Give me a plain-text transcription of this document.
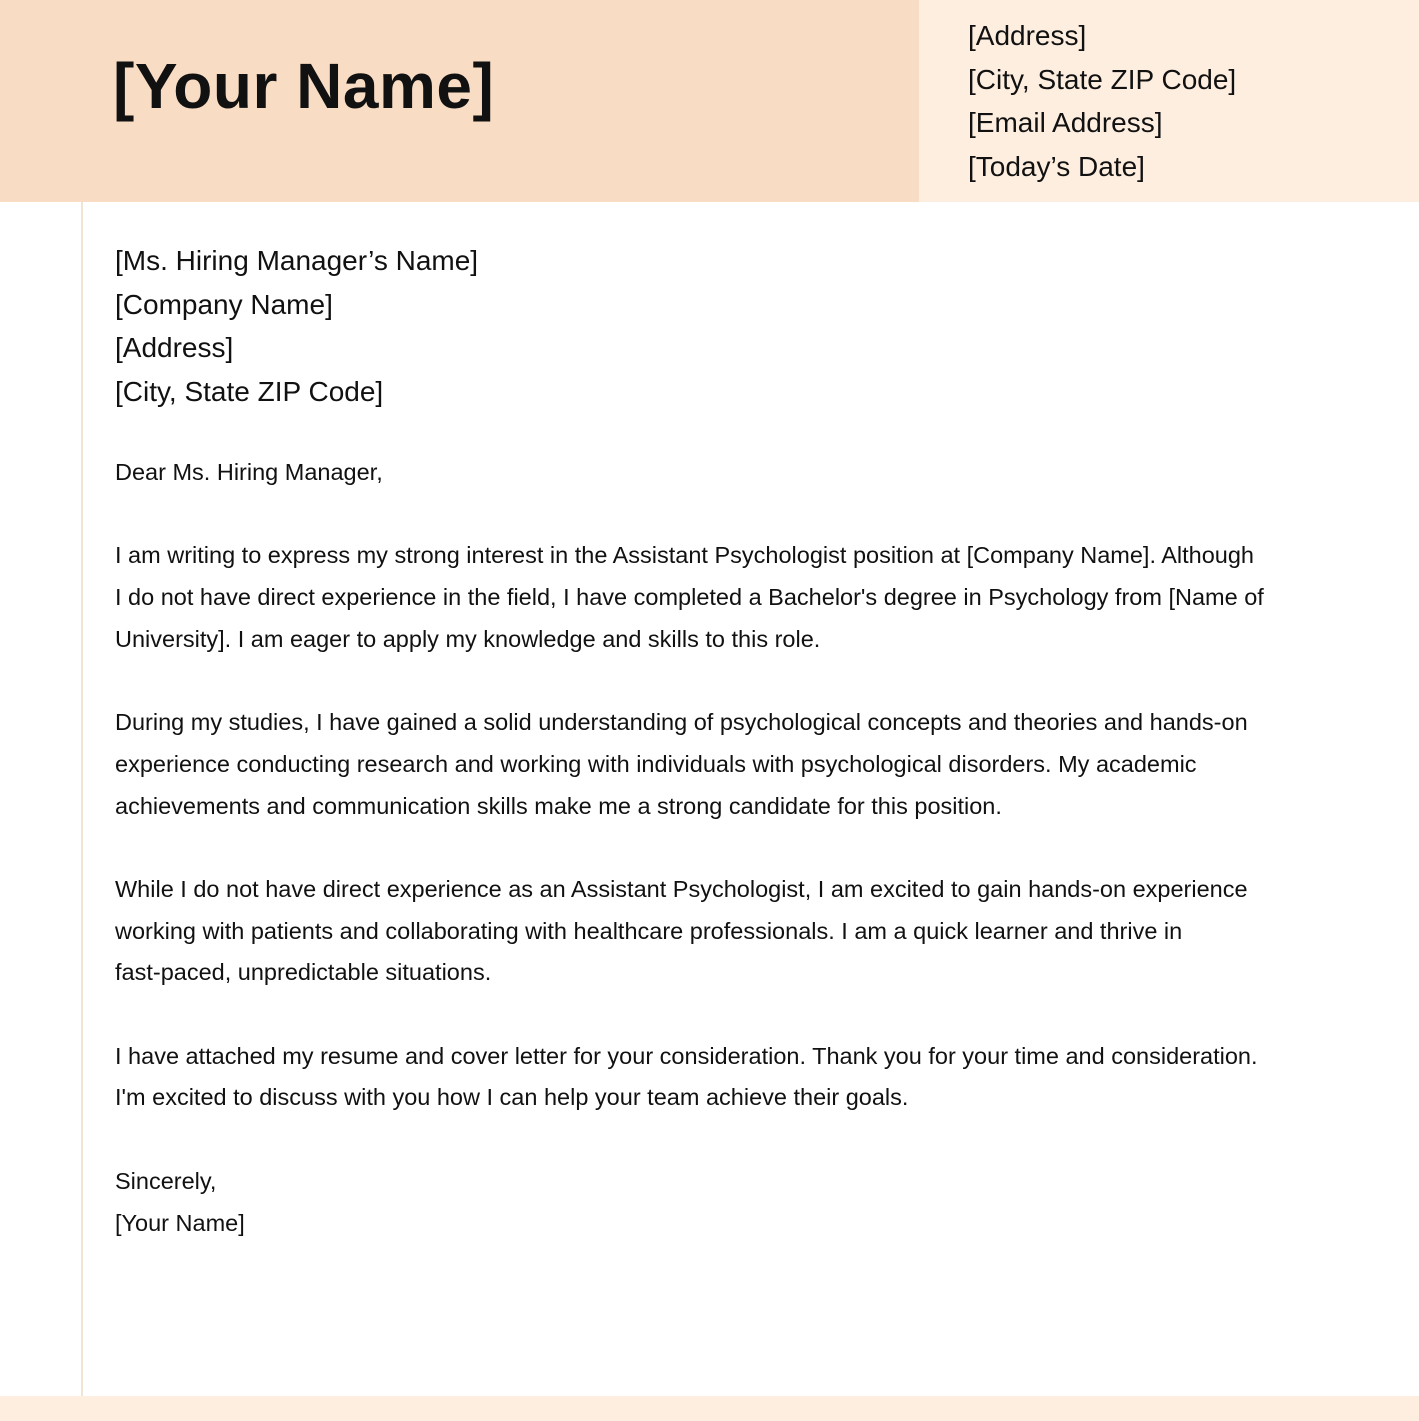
[Your Name]
[Address]
[City, State ZIP Code]
[Email Address]
[Today’s Date]
[Ms. Hiring Manager’s Name]
[Company Name]
[Address]
[City, State ZIP Code]

Dear Ms. Hiring Manager,

I am writing to express my strong interest in the Assistant Psychologist position at [Company Name]. Although
I do not have direct experience in the field, I have completed a Bachelor's degree in Psychology from [Name of
University]. I am eager to apply my knowledge and skills to this role.

During my studies, I have gained a solid understanding of psychological concepts and theories and hands-on
experience conducting research and working with individuals with psychological disorders. My academic
achievements and communication skills make me a strong candidate for this position.

While I do not have direct experience as an Assistant Psychologist, I am excited to gain hands-on experience
working with patients and collaborating with healthcare professionals. I am a quick learner and thrive in
fast-paced, unpredictable situations.

I have attached my resume and cover letter for your consideration. Thank you for your time and consideration.
I'm excited to discuss with you how I can help your team achieve their goals.

Sincerely,
[Your Name]
